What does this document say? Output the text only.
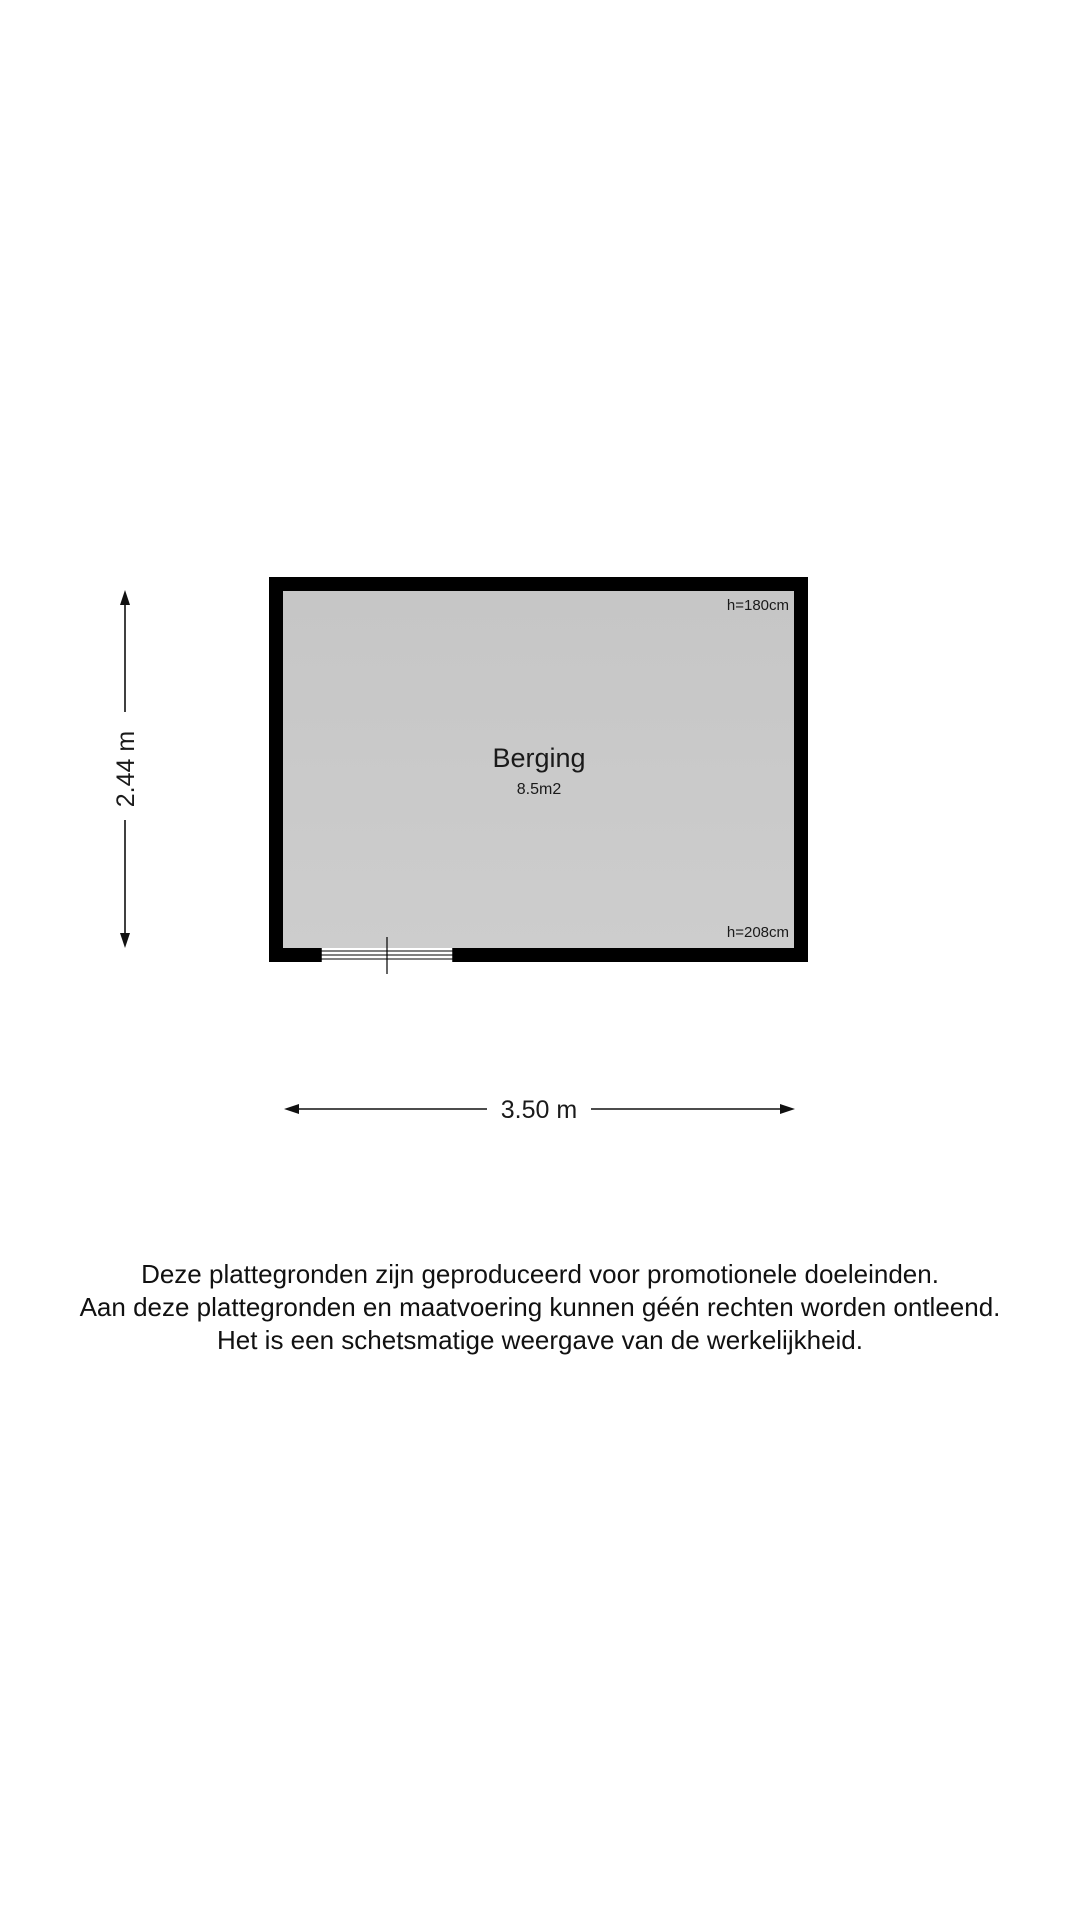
Berging
8.5m2
h=180cm
h=208cm
2.44 m
3.50 m
Deze plattegronden zijn geproduceerd voor promotionele doeleinden.
Aan deze plattegronden en maatvoering kunnen géén rechten worden ontleend.
Het is een schetsmatige weergave van de werkelijkheid.
